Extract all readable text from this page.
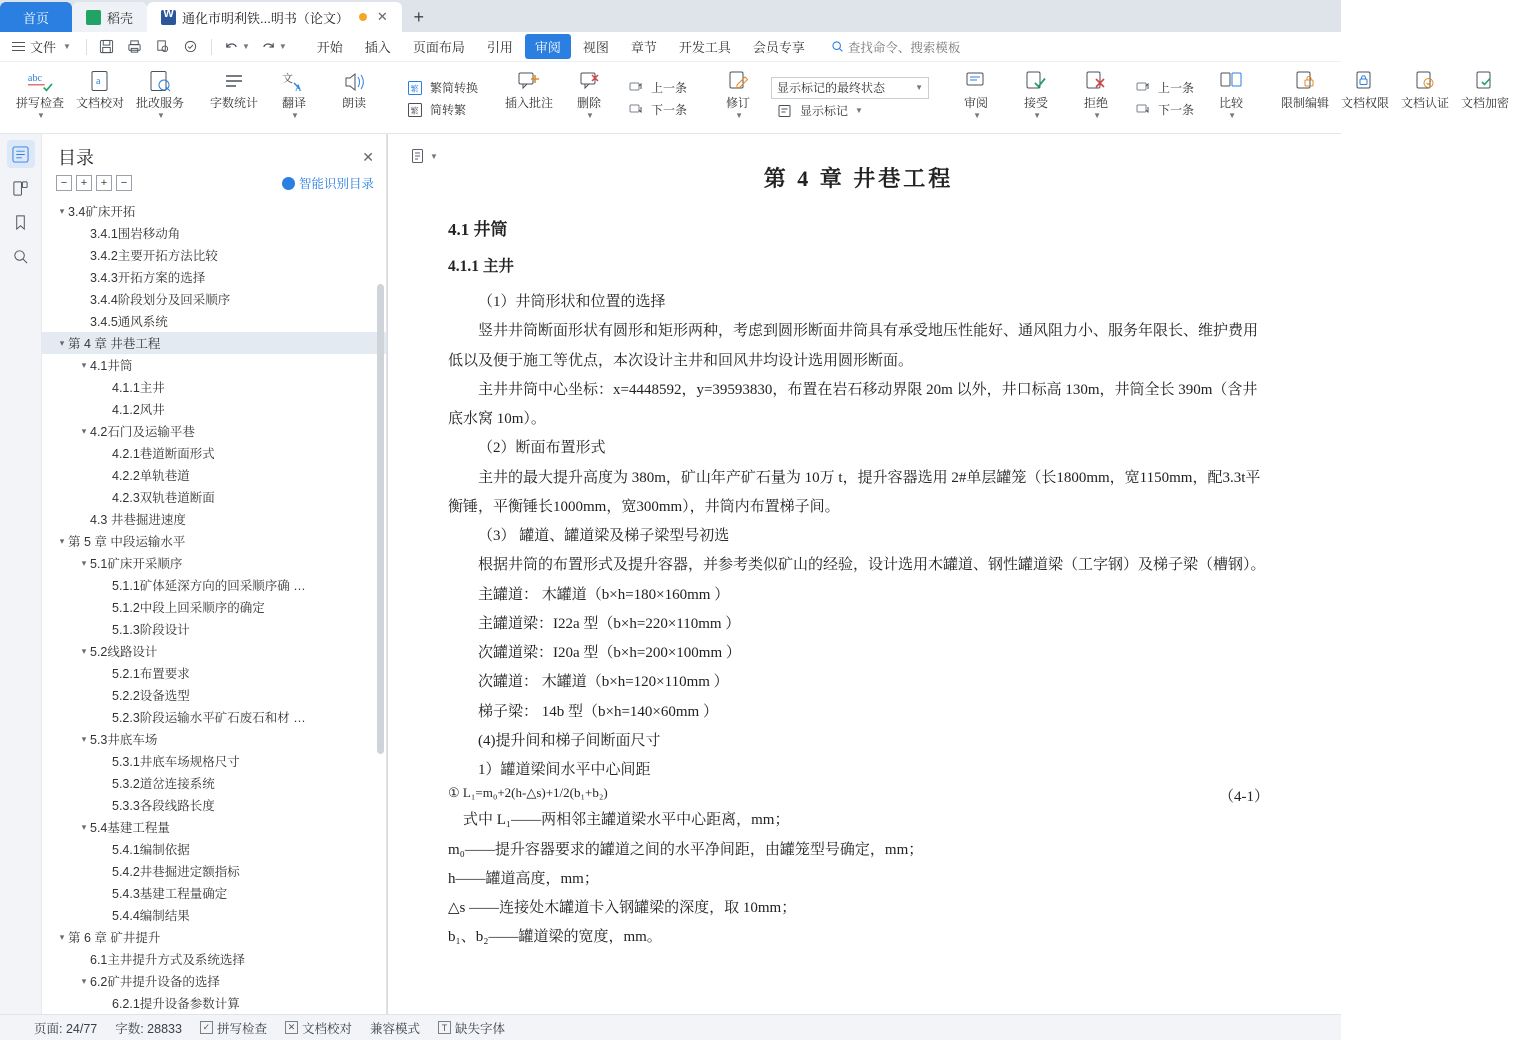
首页	稻壳 W	通化市明利铁...明书（论文） ✕ +
文件 ▼	▼	▼	开始	插入	页面布局	引用	审阅	视图	章节	开发工具	会员专享	查找命令、搜索模板
abc
拼写检查
▼
a
文档校对 批改服务
▼
字数统计
文
A
翻译
▼
朗读
繁 繁简转换
繁 简转繁	插入批注 删除
▼
上一条
下一条	修订
▼
显示标记的最终状态	▼
显示标记 ▼
审阅
▼
接受
▼
拒绝
▼
上一条
下一条 比较
▼
限制编辑 文档权限 文档认证 文档加密
目录	✕
−	+	+	−	智能识别目录
▾ 3.4矿床开拓
3.4.1围岩移动角
3.4.2主要开拓方法比较
3.4.3开拓方案的选择
3.4.4阶段划分及回采顺序
3.4.5通风系统
▾ 第 4 章 井巷工程
▾ 4.1井筒
4.1.1主井
4.1.2风井
▾ 4.2石门及运输平巷
4.2.1巷道断面形式
4.2.2单轨巷道
4.2.3双轨巷道断面
4.3 井巷掘进速度
▾ 第 5 章 中段运输水平
▾ 5.1矿床开采顺序
5.1.1矿体延深方向的回采顺序确 …
5.1.2中段上回采顺序的确定
5.1.3阶段设计
▾ 5.2线路设计
5.2.1布置要求
5.2.2设备选型
5.2.3阶段运输水平矿石废石和材 …
▾ 5.3井底车场
5.3.1井底车场规格尺寸
5.3.2道岔连接系统
5.3.3各段线路长度
▾ 5.4基建工程量
5.4.1编制依据
5.4.2井巷掘进定额指标
5.4.3基建工程量确定
5.4.4编制结果
▾ 第 6 章 矿井提升
6.1主井提升方式及系统选择
▾ 6.2矿井提升设备的选择
6.2.1提升设备参数计算
▼
第 4 章 井巷工程
4.1 井筒
4.1.1 主井

（1）井筒形状和位置的选择

竖井井筒断面形状有圆形和矩形两种，考虑到圆形断面井筒具有承受地压性能好、通风阻力小、服务年限长、维护费用低以及便于施工等优点，本次设计主井和回风井均设计选用圆形断面。

主井井筒中心坐标：x=4448592，y=39593830，布置在岩石移动界限 20m 以外，井口标高 130m，井筒全长 390m（含井底水窝 10m）。

（2）断面布置形式

主井的最大提升高度为 380m，矿山年产矿石量为 10万 t，提升容器选用 2#单层罐笼（长1800mm，宽1150mm，配3.3t平衡锤，平衡锤长1000mm，宽300mm），井筒内布置梯子间。

（3） 罐道、罐道梁及梯子梁型号初选

根据井筒的布置形式及提升容器，并参考类似矿山的经验，设计选用木罐道、钢性罐道梁（工字钢）及梯子梁（槽钢）。

主罐道： 木罐道（b×h=180×160mm ）

主罐道梁：I22a 型（b×h=220×110mm ）

次罐道梁：I20a 型（b×h=200×100mm ）

次罐道： 木罐道（b×h=120×110mm ）

梯子梁： 14b 型（b×h=140×60mm ）

(4)提升间和梯子间断面尺寸

1）罐道梁间水平中心间距

① L₁=m₀+2(h-△s)+1/2(b₁+b₂)	（4-1）

式中 L₁——两相邻主罐道梁水平中心距离，mm；

m₀——提升容器要求的罐道之间的水平净间距，由罐笼型号确定，mm；

h——罐道高度，mm；

△s ——连接处木罐道卡入钢罐梁的深度，取 10mm；

b₁、b₂——罐道梁的宽度，mm。

页面: 24/77 字数: 28833	✓ 拼写检查	✕ 文档校对 兼容模式	T 缺失字体
